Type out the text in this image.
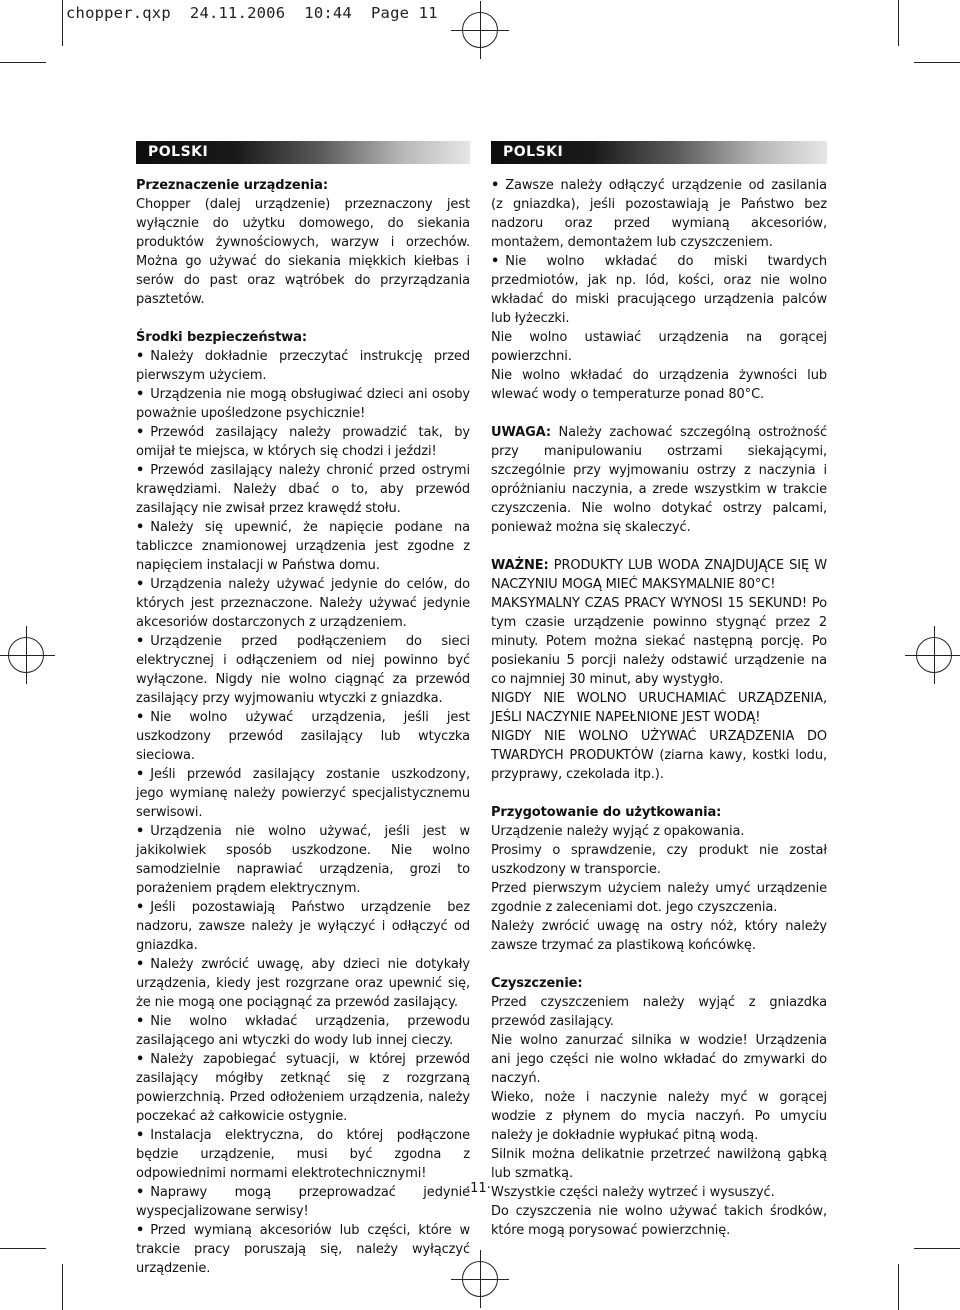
chopper.qxp  24.11.2006  10:44  Page 11
POLSKI

Przeznaczenie urządzenia:

Chopper (dalej urządzenie) przeznaczony jest wyłącznie do użytku domowego, do siekania produktów żywnościowych, warzyw i orzechów. Można go używać do siekania miękkich kiełbas i serów do past oraz wątróbek do przyrządzania pasztetów.

Środki bezpieczeństwa:

• Należy dokładnie przeczytać instrukcję przed pierwszym użyciem.

• Urządzenia nie mogą obsługiwać dzieci ani osoby poważnie upośledzone psychicznie!

• Przewód zasilający należy prowadzić tak, by omijał te miejsca, w których się chodzi i jeździ!

• Przewód zasilający należy chronić przed ostrymi krawędziami. Należy dbać o to, aby przewód zasilający nie zwisał przez krawędź stołu.

• Należy się upewnić, że napięcie podane na tabliczce znamionowej urządzenia jest zgodne z napięciem instalacji w Państwa domu.

• Urządzenia należy używać jedynie do celów, do których jest przeznaczone. Należy używać jedynie akcesoriów dostarczonych z urządzeniem.

• Urządzenie przed podłączeniem do sieci elektrycznej i odłączeniem od niej powinno być wyłączone. Nigdy nie wolno ciągnąć za przewód zasilający przy wyjmowaniu wtyczki z gniazdka.

• Nie wolno używać urządzenia, jeśli jest uszkodzony przewód zasilający lub wtyczka sieciowa.

• Jeśli przewód zasilający zostanie uszkodzony, jego wymianę należy powierzyć specjalistycznemu serwisowi.

• Urządzenia nie wolno używać, jeśli jest w jakikolwiek sposób uszkodzone. Nie wolno samodzielnie naprawiać urządzenia, grozi to porażeniem prądem elektrycznym.

• Jeśli pozostawiają Państwo urządzenie bez nadzoru, zawsze należy je wyłączyć i odłączyć od gniazdka.

• Należy zwrócić uwagę, aby dzieci nie dotykały urządzenia, kiedy jest rozgrzane oraz upewnić się, że nie mogą one pociągnąć za przewód zasilający.

• Nie wolno wkładać urządzenia, przewodu zasilającego ani wtyczki do wody lub innej cieczy.

• Należy zapobiegać sytuacji, w której przewód zasilający mógłby zetknąć się z rozgrzaną powierzchnią. Przed odłożeniem urządzenia, należy poczekać aż całkowicie ostygnie.

• Instalacja elektryczna, do której podłączone będzie urządzenie, musi być zgodna z odpowiednimi normami elektrotechnicznymi!

• Naprawy mogą przeprowadzać jedynie wyspecjalizowane serwisy!

• Przed wymianą akcesoriów lub części, które w trakcie pracy poruszają się, należy wyłączyć urządzenie.

POLSKI

• Zawsze należy odłączyć urządzenie od zasilania (z gniazdka), jeśli pozostawiają je Państwo bez nadzoru oraz przed wymianą akcesoriów, montażem, demontażem lub czyszczeniem.

• Nie wolno wkładać do miski twardych przedmiotów, jak np. lód, kości, oraz nie wolno wkładać do miski pracującego urządzenia palców lub łyżeczki.

Nie wolno ustawiać urządzenia na gorącej powierzchni.

Nie wolno wkładać do urządzenia żywności lub wlewać wody o temperaturze ponad 80°C.

UWAGA: Należy zachować szczególną ostrożność przy manipulowaniu ostrzami siekającymi, szczególnie przy wyjmowaniu ostrzy z naczynia i opróżnianiu naczynia, a zrede wszystkim w trakcie czyszczenia. Nie wolno dotykać ostrzy palcami, ponieważ można się skaleczyć.

WAŻNE: PRODUKTY LUB WODA ZNAJDUJĄCE SIĘ W NACZYNIU MOGĄ MIEĆ MAKSYMALNIE 80°C!

MAKSYMALNY CZAS PRACY WYNOSI 15 SEKUND! Po tym czasie urządzenie powinno stygnąć przez 2 minuty. Potem można siekać następną porcję. Po posiekaniu 5 porcji należy odstawić urządzenie na co najmniej 30 minut, aby wystygło.

NIGDY NIE WOLNO URUCHAMIAĆ URZĄDZENIA, JEŚLI NACZYNIE NAPEŁNIONE JEST WODĄ!

NIGDY NIE WOLNO UŻYWAĆ URZĄDZENIA DO TWARDYCH PRODUKTÓW (ziarna kawy, kostki lodu, przyprawy, czekolada itp.).

Przygotowanie do użytkowania:

Urządzenie należy wyjąć z opakowania.

Prosimy o sprawdzenie, czy produkt nie został uszkodzony w transporcie.

Przed pierwszym użyciem należy umyć urządzenie zgodnie z zaleceniami dot. jego czyszczenia.

Należy zwrócić uwagę na ostry nóż, który należy zawsze trzymać za plastikową końcówkę.

Czyszczenie:

Przed czyszczeniem należy wyjąć z gniazdka przewód zasilający.

Nie wolno zanurzać silnika w wodzie! Urządzenia ani jego części nie wolno wkładać do zmywarki do naczyń.

Wieko, noże i naczynie należy myć w gorącej wodzie z płynem do mycia naczyń. Po umyciu należy je dokładnie wypłukać pitną wodą.

Silnik można delikatnie przetrzeć nawilżoną gąbką lub szmatką.

Wszystkie części należy wytrzeć i wysuszyć.

Do czyszczenia nie wolno używać takich środków, które mogą porysować powierzchnię.

·11·
